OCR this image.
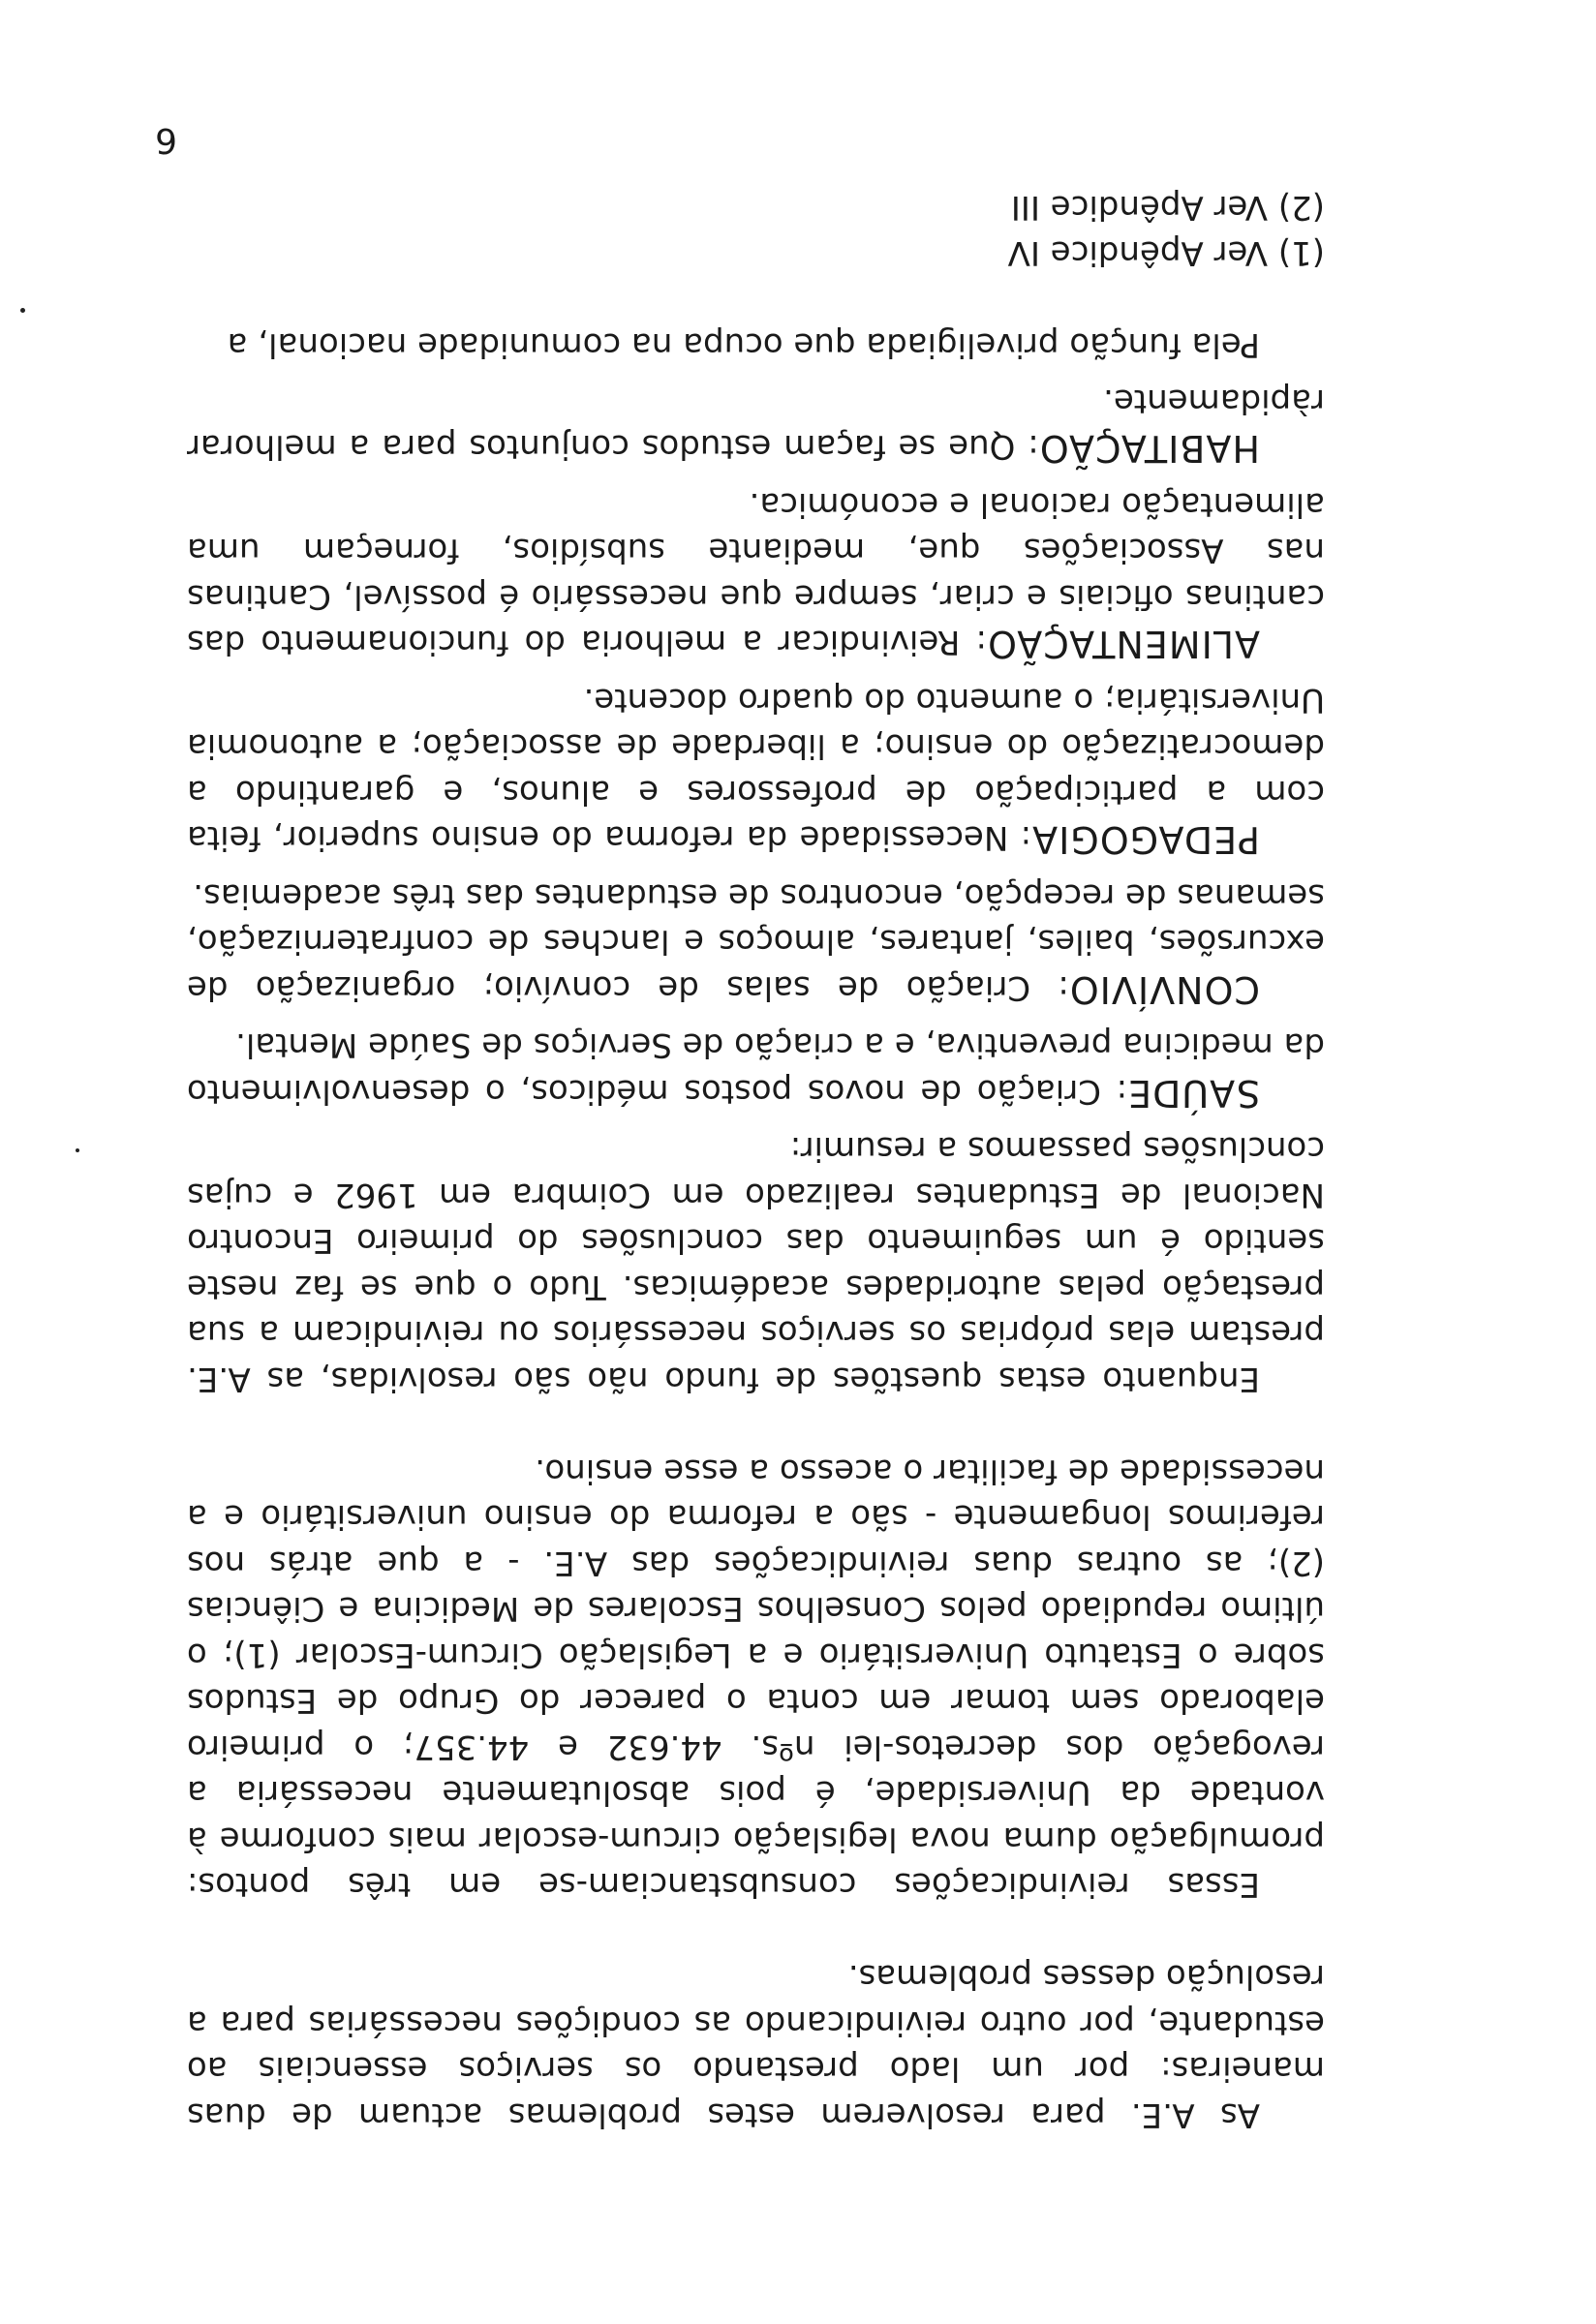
6

As A.E. para resolverem estes problemas actuam de duas maneiras: por um lado prestando os serviços essenciais ao estudante, por outro reivindicando as condições necessárias para a resolução desses problemas.

Essas reivindicações consubstanciam-se em três pontos: promulgação duma nova legislação circum-escolar mais conforme à vontade da Universidade, é pois absolutamente necessária a revogação dos decretos-lei nºs. 44.632 e 44.357; o primeiro elaborado sem tomar em conta o parecer do Grupo de Estudos sobre o Estatuto Universitário e a Legislação Circum-Escolar (1); o último repudiado pelos Conselhos Escolares de Medicina e Ciências (2); as outras duas reivindicações das A.E. - a que atrás nos referimos longamente - são a reforma do ensino universitário e a necessidade de facilitar o acesso a esse ensino.

Enquanto estas questões de fundo não são resolvidas, as A.E. prestam elas próprias os serviços necessários ou reivindicam a sua prestação pelas autoridades académicas. Tudo o que se faz neste sentido é um seguimento das conclusões do primeiro Encontro Nacional de Estudantes realizado em Coimbra em 1962 e cujas conclusões passamos a resumir:

SAÚDE: Criação de novos postos médicos, o desenvolvimento da medicina preventiva, e a criação de Serviços de Saúde Mental.

CONVÍVIO: Criação de salas de convívio; organização de excursões, bailes, jantares, almoços e lanches de confraternização, semanas de recepção, encontros de estudantes das três academias.

PEDAGOGIA: Necessidade da reforma do ensino superior, feita com a participação de professores e alunos, e garantindo a democratização do ensino; a liberdade de associação; a autonomia Universitária; o aumento do quadro docente.

ALIMENTAÇÃO: Reivindicar a melhoria do funcionamento das cantinas oficiais e criar, sempre que necessário é possível, Cantinas nas Associações que, mediante subsídios, forneçam uma alimentação racional e económica.

HABITAÇÃO: Que se façam estudos conjuntos para a melhorar ràpidamente.

Pela função priveligiada que ocupa na comunidade nacional, a

(1) Ver Apêndice IV

(2) Ver Apêndice III
